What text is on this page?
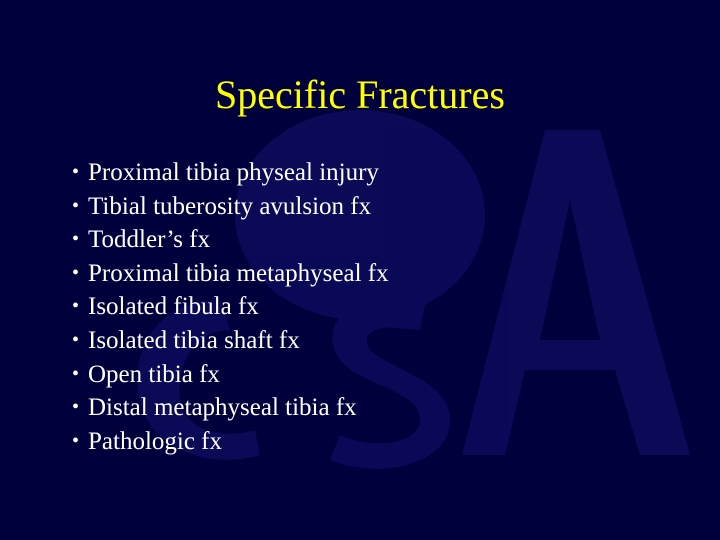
Specific Fractures
• Proximal tibia physeal injury
• Tibial tuberosity avulsion fx
• Toddler’s fx
• Proximal tibia metaphyseal fx
• Isolated fibula fx
• Isolated tibia shaft fx
• Open tibia fx
• Distal metaphyseal tibia fx
• Pathologic fx
